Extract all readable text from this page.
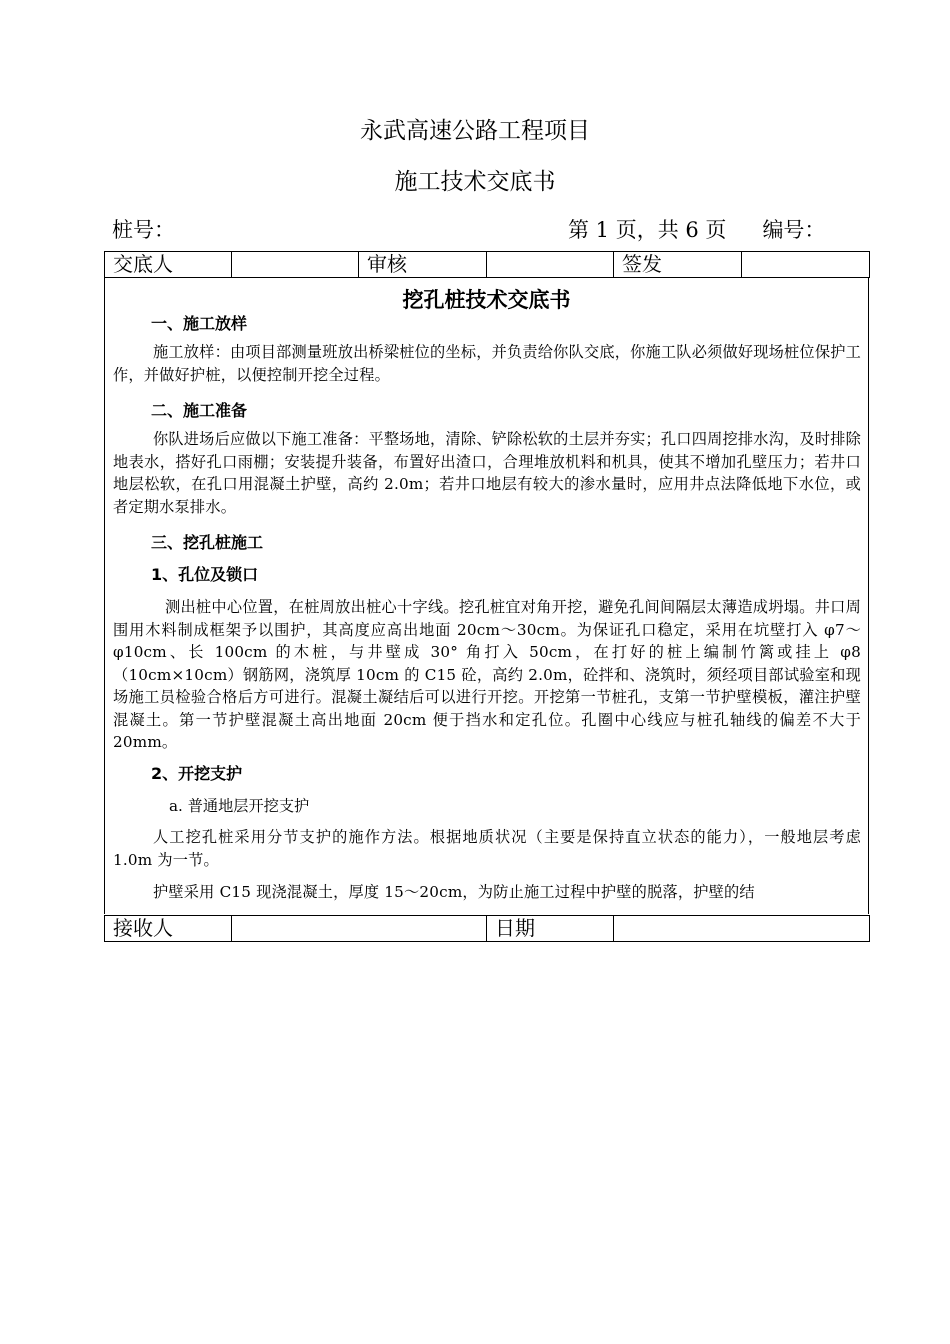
永武高速公路工程项目
施工技术交底书
桩号：	第 1 页，共 6 页 编号：
交底人		审核		签发	
挖孔桩技术交底书
一、施工放样

施工放样：由项目部测量班放出桥梁桩位的坐标，并负责给你队交底，你施工队必须做好现场桩位保护工作，并做好护桩，以便控制开挖全过程。

二、施工准备

你队进场后应做以下施工准备：平整场地，清除、铲除松软的土层并夯实；孔口四周挖排水沟，及时排除地表水，搭好孔口雨棚；安装提升装备，布置好出渣口，合理堆放机料和机具，使其不增加孔壁压力；若井口地层松软，在孔口用混凝土护壁，高约 2.0m；若井口地层有较大的渗水量时，应用井点法降低地下水位，或者定期水泵排水。

三、挖孔桩施工
1、孔位及锁口

测出桩中心位置，在桩周放出桩心十字线。挖孔桩宜对角开挖，避免孔间间隔层太薄造成坍塌。井口周围用木料制成框架予以围护，其高度应高出地面 20cm～30cm。为保证孔口稳定，采用在坑壁打入 φ7～φ10cm、长 100cm 的木桩，与井壁成 30° 角打入 50cm，在打好的桩上编制竹篱或挂上 φ8（10cm×10cm）钢筋网，浇筑厚 10cm 的 C15 砼，高约 2.0m，砼拌和、浇筑时，须经项目部试验室和现场施工员检验合格后方可进行。混凝土凝结后可以进行开挖。开挖第一节桩孔，支第一节护壁模板，灌注护壁混凝土。第一节护壁混凝土高出地面 20cm 便于挡水和定孔位。孔圈中心线应与桩孔轴线的偏差不大于 20mm。

2、开挖支护
a. 普通地层开挖支护

人工挖孔桩采用分节支护的施作方法。根据地质状况（主要是保持直立状态的能力），一般地层考虑 1.0m 为一节。

护壁采用 C15 现浇混凝土，厚度 15～20cm，为防止施工过程中护壁的脱落，护壁的结

接收人		日期	
